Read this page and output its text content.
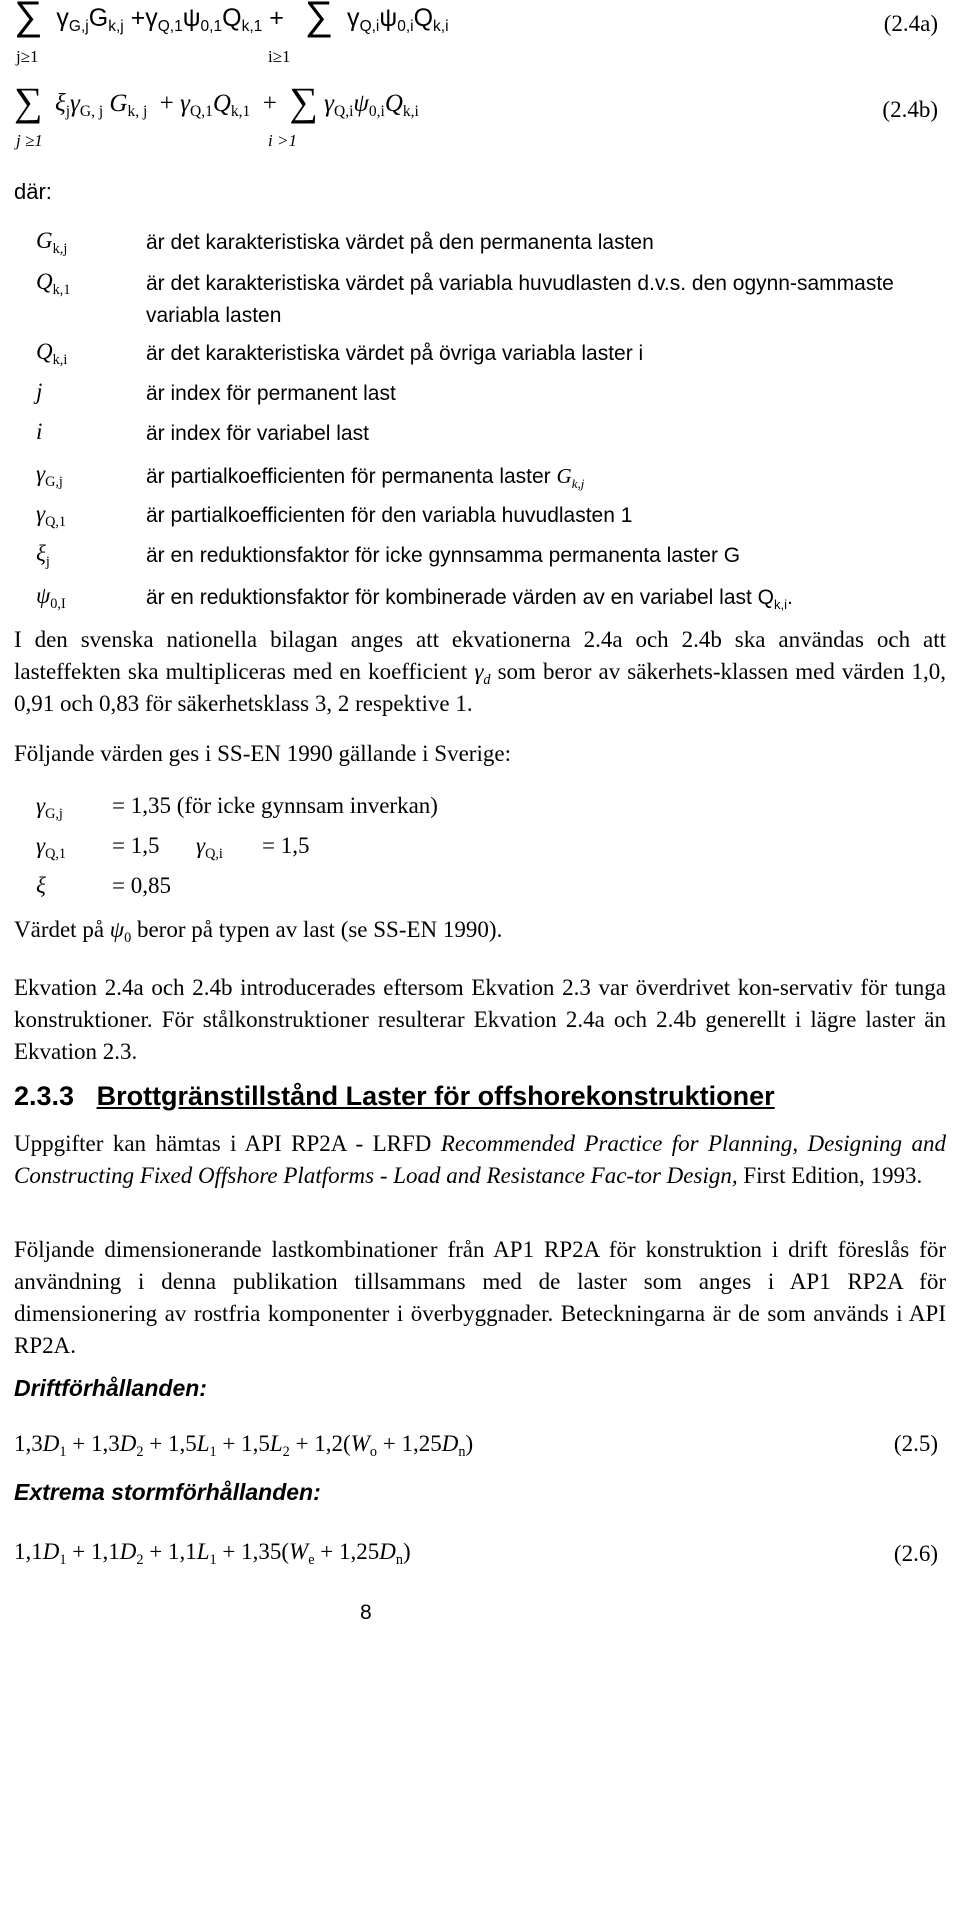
∑  $\gamma_{G,j}G_{k,j} +\gamma_{Q,1}\psi_{0,1}Q_{k,1}$ +   ∑  $\gamma_{Q,i}\psi_{0,i}Q_{k,i}$
j≥1	i≥1
(2.4a)
∑  $\xi_j\gamma_{G, j}$ $G_{k, j} + \gamma_{Q,1}Q_{k,1}$  +  ∑ $\gamma_{Q,i}\psi_{0,i}Q_{k,i}$
j ≥1	i >1
(2.4b)
där:
$G_{k,j}$	är det karakteristiska värdet på den permanenta lasten
$Q_{k,1}$	är det karakteristiska värdet på variabla huvudlasten d.v.s. den ogynn-sammaste variabla lasten
$Q_{k,i}$	är det karakteristiska värdet på övriga variabla laster i
j	är index för permanent last
i	är index för variabel last
$\gamma_{G,j}$	är partialkoefficienten för permanenta laster $G_{k,j}$
$\gamma_{Q,1}$	är partialkoefficienten för den variabla huvudlasten 1
$\xi_j$	är en reduktionsfaktor för icke gynnsamma permanenta laster G
$\psi_{0,I}$	är en reduktionsfaktor för kombinerade värden av en variabel last $Q_{k,i}$.
I den svenska nationella bilagan anges att ekvationerna 2.4a och 2.4b ska användas och att lasteffekten ska multipliceras med en koefficient $\gamma_d$ som beror av säkerhets-klassen med värden 1,0, 0,91 och 0,83 för säkerhetsklass 3, 2 respektive 1.
Följande värden ges i SS-EN 1990 gällande i Sverige:
$\gamma_{G,j} = 1,35$ (för icke gynnsam inverkan)
$\gamma_{Q,1} = 1,5$ $\gamma_{Q,i} = 1,5$
ξ	= 0,85
Värdet på $\psi_0$ beror på typen av last (se SS-EN 1990).
Ekvation 2.4a och 2.4b introducerades eftersom Ekvation 2.3 var överdrivet kon-servativ för tunga konstruktioner. För stålkonstruktioner resulterar Ekvation 2.4a och 2.4b generellt i lägre laster än Ekvation 2.3.
2.3.3 Brottgränstillstånd Laster för offshorekonstruktioner
Uppgifter kan hämtas i API RP2A - LRFD Recommended Practice for Planning, Designing and Constructing Fixed Offshore Platforms - Load and Resistance Fac-tor Design, First Edition, 1993.
Följande dimensionerande lastkombinationer från AP1 RP2A för konstruktion i drift föreslås för användning i denna publikation tillsammans med de laster som anges i AP1 RP2A för dimensionering av rostfria komponenter i överbyggnader. Beteckningarna är de som används i API RP2A.
Driftförhållanden:
$1,3D_1 + 1,3D_2 + 1,5L_1 + 1,5L_2 + 1,2(W_o + 1,25D_n)$	(2.5)
Extrema stormförhållanden:
$1,1D_1 + 1,1D_2 + 1,1L_1 + 1,35(W_e + 1,25D_n)$	(2.6)
8
